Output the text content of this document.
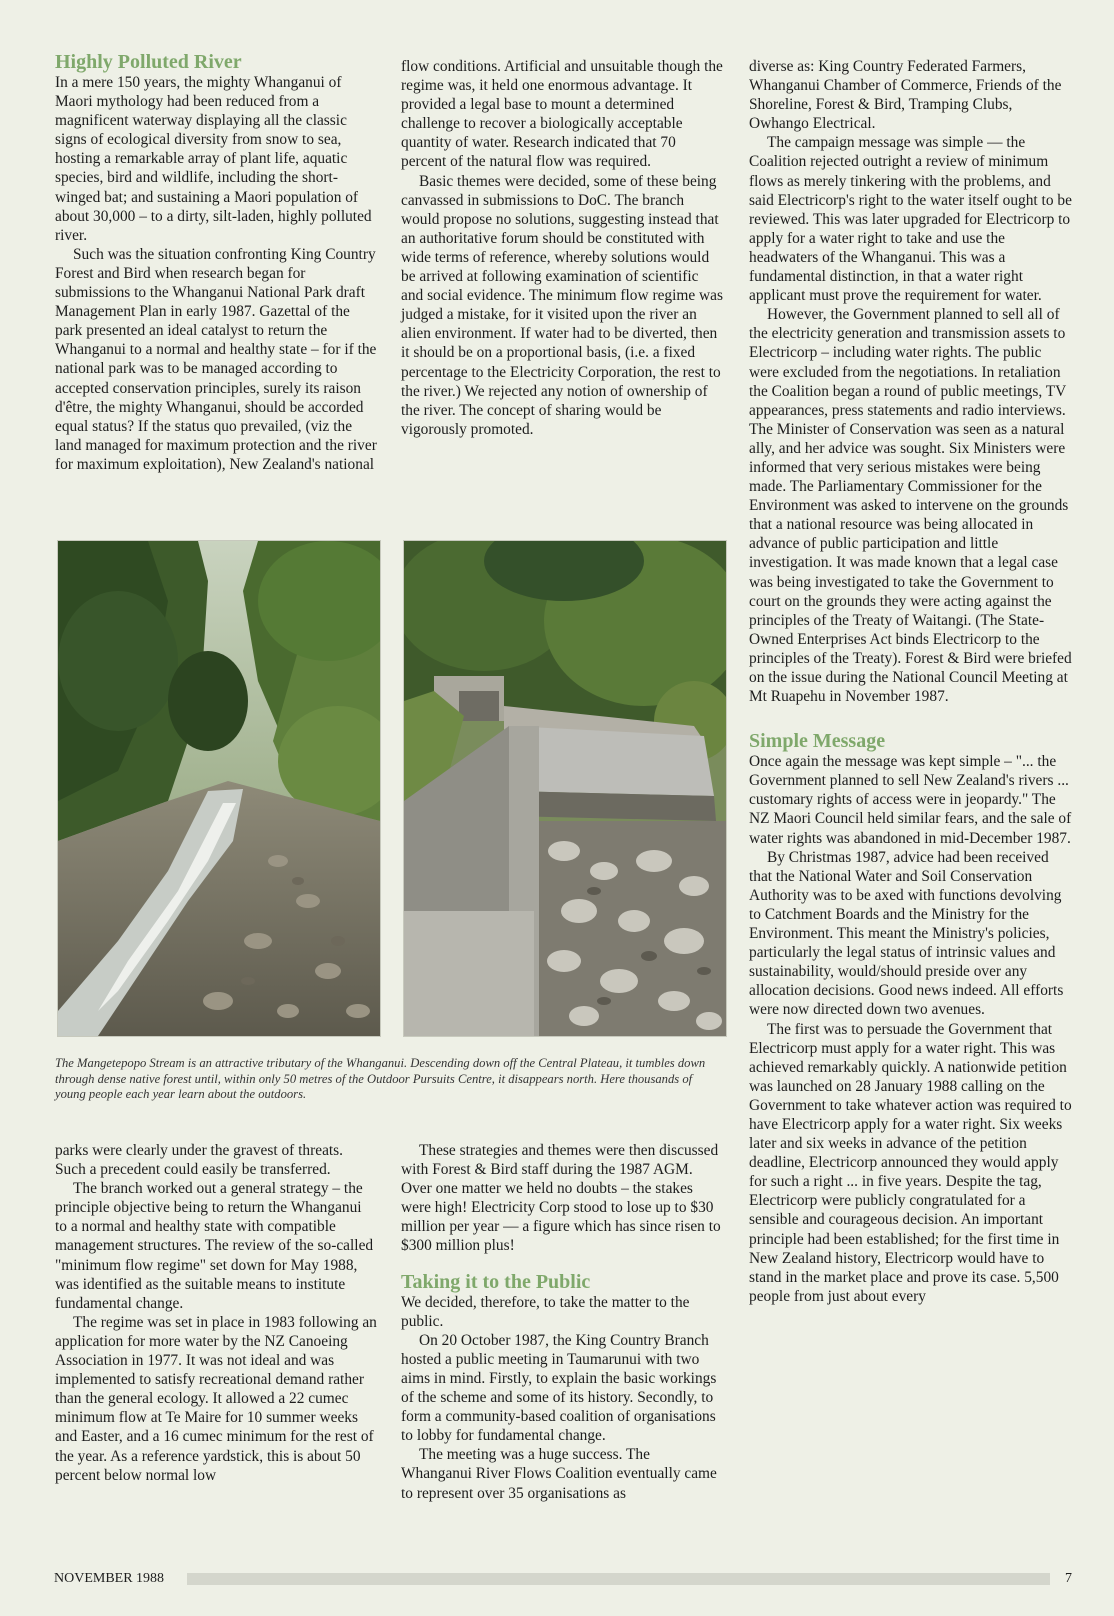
Highly Polluted River

In a mere 150 years, the mighty Whanganui of Maori mythology had been reduced from a magnificent waterway displaying all the classic signs of ecological diversity from snow to sea, hosting a remarkable array of plant life, aquatic species, bird and wildlife, including the short-winged bat; and sustaining a Maori population of about 30,000 – to a dirty, silt-laden, highly polluted river.

Such was the situation confronting King Country Forest and Bird when research began for submissions to the Whanganui National Park draft Management Plan in early 1987. Gazettal of the park presented an ideal catalyst to return the Whanganui to a normal and healthy state – for if the national park was to be managed according to accepted conservation principles, surely its raison d'être, the mighty Whanganui, should be accorded equal status? If the status quo prevailed, (viz the land managed for maximum protection and the river for maximum exploitation), New Zealand's national

flow conditions. Artificial and unsuitable though the regime was, it held one enormous advantage. It provided a legal base to mount a determined challenge to recover a biologically acceptable quantity of water. Research indicated that 70 percent of the natural flow was required.

Basic themes were decided, some of these being canvassed in submissions to DoC. The branch would propose no solutions, suggesting instead that an authoritative forum should be constituted with wide terms of reference, whereby solutions would be arrived at following examination of scientific and social evidence. The minimum flow regime was judged a mistake, for it visited upon the river an alien environment. If water had to be diverted, then it should be on a proportional basis, (i.e. a fixed percentage to the Electricity Corporation, the rest to the river.) We rejected any notion of ownership of the river. The concept of sharing would be vigorously promoted.

diverse as: King Country Federated Farmers, Whanganui Chamber of Commerce, Friends of the Shoreline, Forest & Bird, Tramping Clubs, Owhango Electrical.

The campaign message was simple — the Coalition rejected outright a review of minimum flows as merely tinkering with the problems, and said Electricorp's right to the water itself ought to be reviewed. This was later upgraded for Electricorp to apply for a water right to take and use the headwaters of the Whanganui. This was a fundamental distinction, in that a water right applicant must prove the requirement for water.

However, the Government planned to sell all of the electricity generation and transmission assets to Electricorp – including water rights. The public were excluded from the negotiations. In retaliation the Coalition began a round of public meetings, TV appearances, press statements and radio interviews. The Minister of Conservation was seen as a natural ally, and her advice was sought. Six Ministers were informed that very serious mistakes were being made. The Parliamentary Commissioner for the Environment was asked to intervene on the grounds that a national resource was being allocated in advance of public participation and little investigation. It was made known that a legal case was being investigated to take the Government to court on the grounds they were acting against the principles of the Treaty of Waitangi. (The State-Owned Enterprises Act binds Electricorp to the principles of the Treaty). Forest & Bird were briefed on the issue during the National Council Meeting at Mt Ruapehu in November 1987.

Simple Message

Once again the message was kept simple – "... the Government planned to sell New Zealand's rivers ... customary rights of access were in jeopardy." The NZ Maori Council held similar fears, and the sale of water rights was abandoned in mid-December 1987.

By Christmas 1987, advice had been received that the National Water and Soil Conservation Authority was to be axed with functions devolving to Catchment Boards and the Ministry for the Environment. This meant the Ministry's policies, particularly the legal status of intrinsic values and sustainability, would/should preside over any allocation decisions. Good news indeed. All efforts were now directed down two avenues.

The first was to persuade the Government that Electricorp must apply for a water right. This was achieved remarkably quickly. A nationwide petition was launched on 28 January 1988 calling on the Government to take whatever action was required to have Electricorp apply for a water right. Six weeks later and six weeks in advance of the petition deadline, Electricorp announced they would apply for such a right ... in five years. Despite the tag, Electricorp were publicly congratulated for a sensible and courageous decision. An important principle had been established; for the first time in New Zealand history, Electricorp would have to stand in the market place and prove its case. 5,500 people from just about every

The Mangetepopo Stream is an attractive tributary of the Whanganui. Descending down off the Central Plateau, it tumbles down through dense native forest until, within only 50 metres of the Outdoor Pursuits Centre, it disappears north. Here thousands of young people each year learn about the outdoors.

parks were clearly under the gravest of threats. Such a precedent could easily be transferred.

The branch worked out a general strategy – the principle objective being to return the Whanganui to a normal and healthy state with compatible management structures. The review of the so-called "minimum flow regime" set down for May 1988, was identified as the suitable means to institute fundamental change.

The regime was set in place in 1983 following an application for more water by the NZ Canoeing Association in 1977. It was not ideal and was implemented to satisfy recreational demand rather than the general ecology. It allowed a 22 cumec minimum flow at Te Maire for 10 summer weeks and Easter, and a 16 cumec minimum for the rest of the year. As a reference yardstick, this is about 50 percent below normal low

These strategies and themes were then discussed with Forest & Bird staff during the 1987 AGM. Over one matter we held no doubts – the stakes were high! Electricity Corp stood to lose up to $30 million per year — a figure which has since risen to $300 million plus!

Taking it to the Public

We decided, therefore, to take the matter to the public.

On 20 October 1987, the King Country Branch hosted a public meeting in Taumarunui with two aims in mind. Firstly, to explain the basic workings of the scheme and some of its history. Secondly, to form a community-based coalition of organisations to lobby for fundamental change.

The meeting was a huge success. The Whanganui River Flows Coalition eventually came to represent over 35 organisations as

NOVEMBER 1988	7
